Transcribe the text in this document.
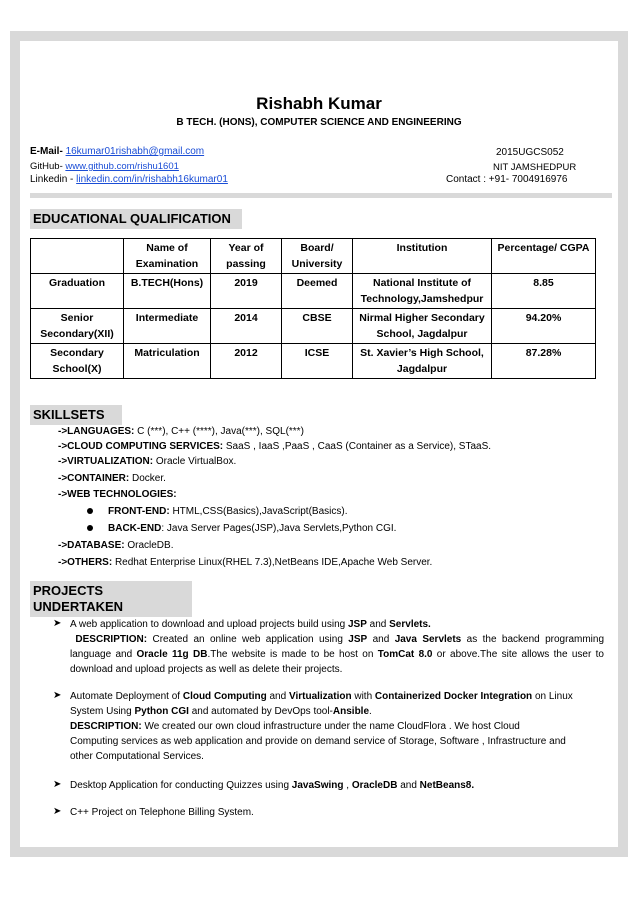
Rishabh Kumar
B TECH. (HONS), COMPUTER SCIENCE AND ENGINEERING
E-Mail- 16kumar01rishabh@gmail.com	2015UGCS052
GitHub- www.github.com/rishu1601	NIT JAMSHEDPUR
Linkedin - linkedin.com/in/rishabh16kumar01	Contact : +91- 7004916976
EDUCATIONAL QUALIFICATION
	Name of Examination	Year of passing	Board/ University	Institution	Percentage/ CGPA
Graduation	B.TECH(Hons)	2019	Deemed	National Institute of Technology,Jamshedpur	8.85
Senior Secondary(XII)	Intermediate	2014	CBSE	Nirmal Higher Secondary School, Jagdalpur	94.20%
Secondary School(X)	Matriculation	2012	ICSE	St. Xavier’s High School, Jagdalpur	87.28%
SKILLSETS
->LANGUAGES: C (***), C++ (****), Java(***), SQL(***)
->CLOUD COMPUTING SERVICES: SaaS , IaaS ,PaaS , CaaS (Container as a Service), STaaS.
->VIRTUALIZATION: Oracle VirtualBox.
->CONTAINER: Docker.
->WEB TECHNOLOGIES:
FRONT-END: HTML,CSS(Basics),JavaScript(Basics).
BACK-END: Java Server Pages(JSP),Java Servlets,Python CGI.
->DATABASE: OracleDB.
->OTHERS: Redhat Enterprise Linux(RHEL 7.3),NetBeans IDE,Apache Web Server.
PROJECTS UNDERTAKEN
➤ A web application to download and upload projects build using JSP and Servlets.
DESCRIPTION: Created an online web application using JSP and Java Servlets as the backend programming language and Oracle 11g DB.The website is made to be host on TomCat 8.0 or above.The site allows the user to download and upload projects as well as delete their projects.
➤ Automate Deployment of Cloud Computing and Virtualization with Containerized Docker Integration on Linux System Using Python CGI and automated by DevOps tool-Ansible.
DESCRIPTION: We created our own cloud infrastructure under the name CloudFlora . We host Cloud Computing services as web application and provide on demand service of Storage, Software , Infrastructure and other Computational Services.
➤ Desktop Application for conducting Quizzes using JavaSwing , OracleDB and NetBeans8.
➤ C++ Project on Telephone Billing System.
